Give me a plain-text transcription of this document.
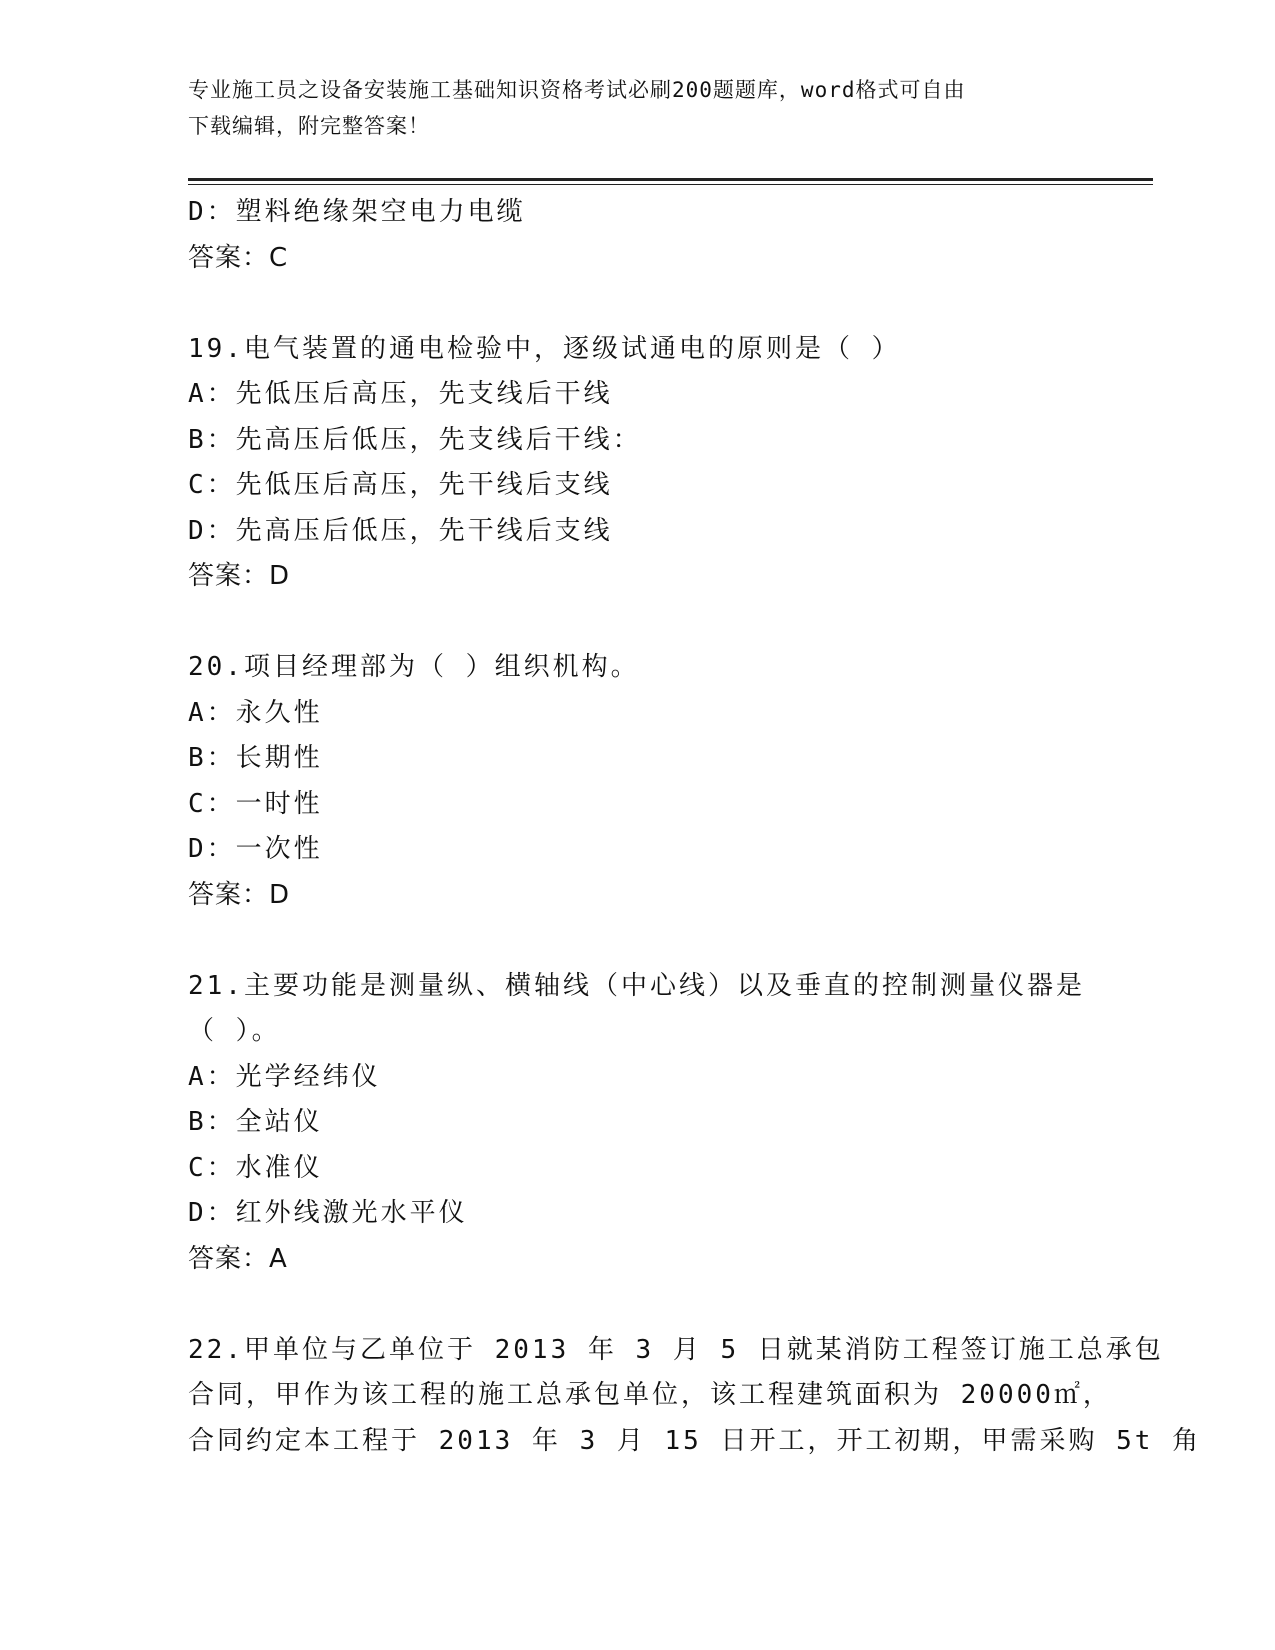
专业施工员之设备安装施工基础知识资格考试必刷200题题库，word格式可自由
下载编辑，附完整答案！
D：塑料绝缘架空电力电缆
答案：C
19.电气装置的通电检验中，逐级试通电的原则是（ ）
A：先低压后高压，先支线后干线
B：先高压后低压，先支线后干线：
C：先低压后高压，先干线后支线
D：先高压后低压，先干线后支线
答案：D
20.项目经理部为（ ）组织机构。
A：永久性
B：长期性
C：一时性
D：一次性
答案：D
21.主要功能是测量纵、横轴线（中心线）以及垂直的控制测量仪器是
（ ）。
A：光学经纬仪
B：全站仪
C：水准仪
D：红外线激光水平仪
答案：A
22.甲单位与乙单位于 2013 年 3 月 5 日就某消防工程签订施工总承包
合同，甲作为该工程的施工总承包单位，该工程建筑面积为 20000㎡，
合同约定本工程于 2013 年 3 月 15 日开工，开工初期，甲需采购 5t 角
